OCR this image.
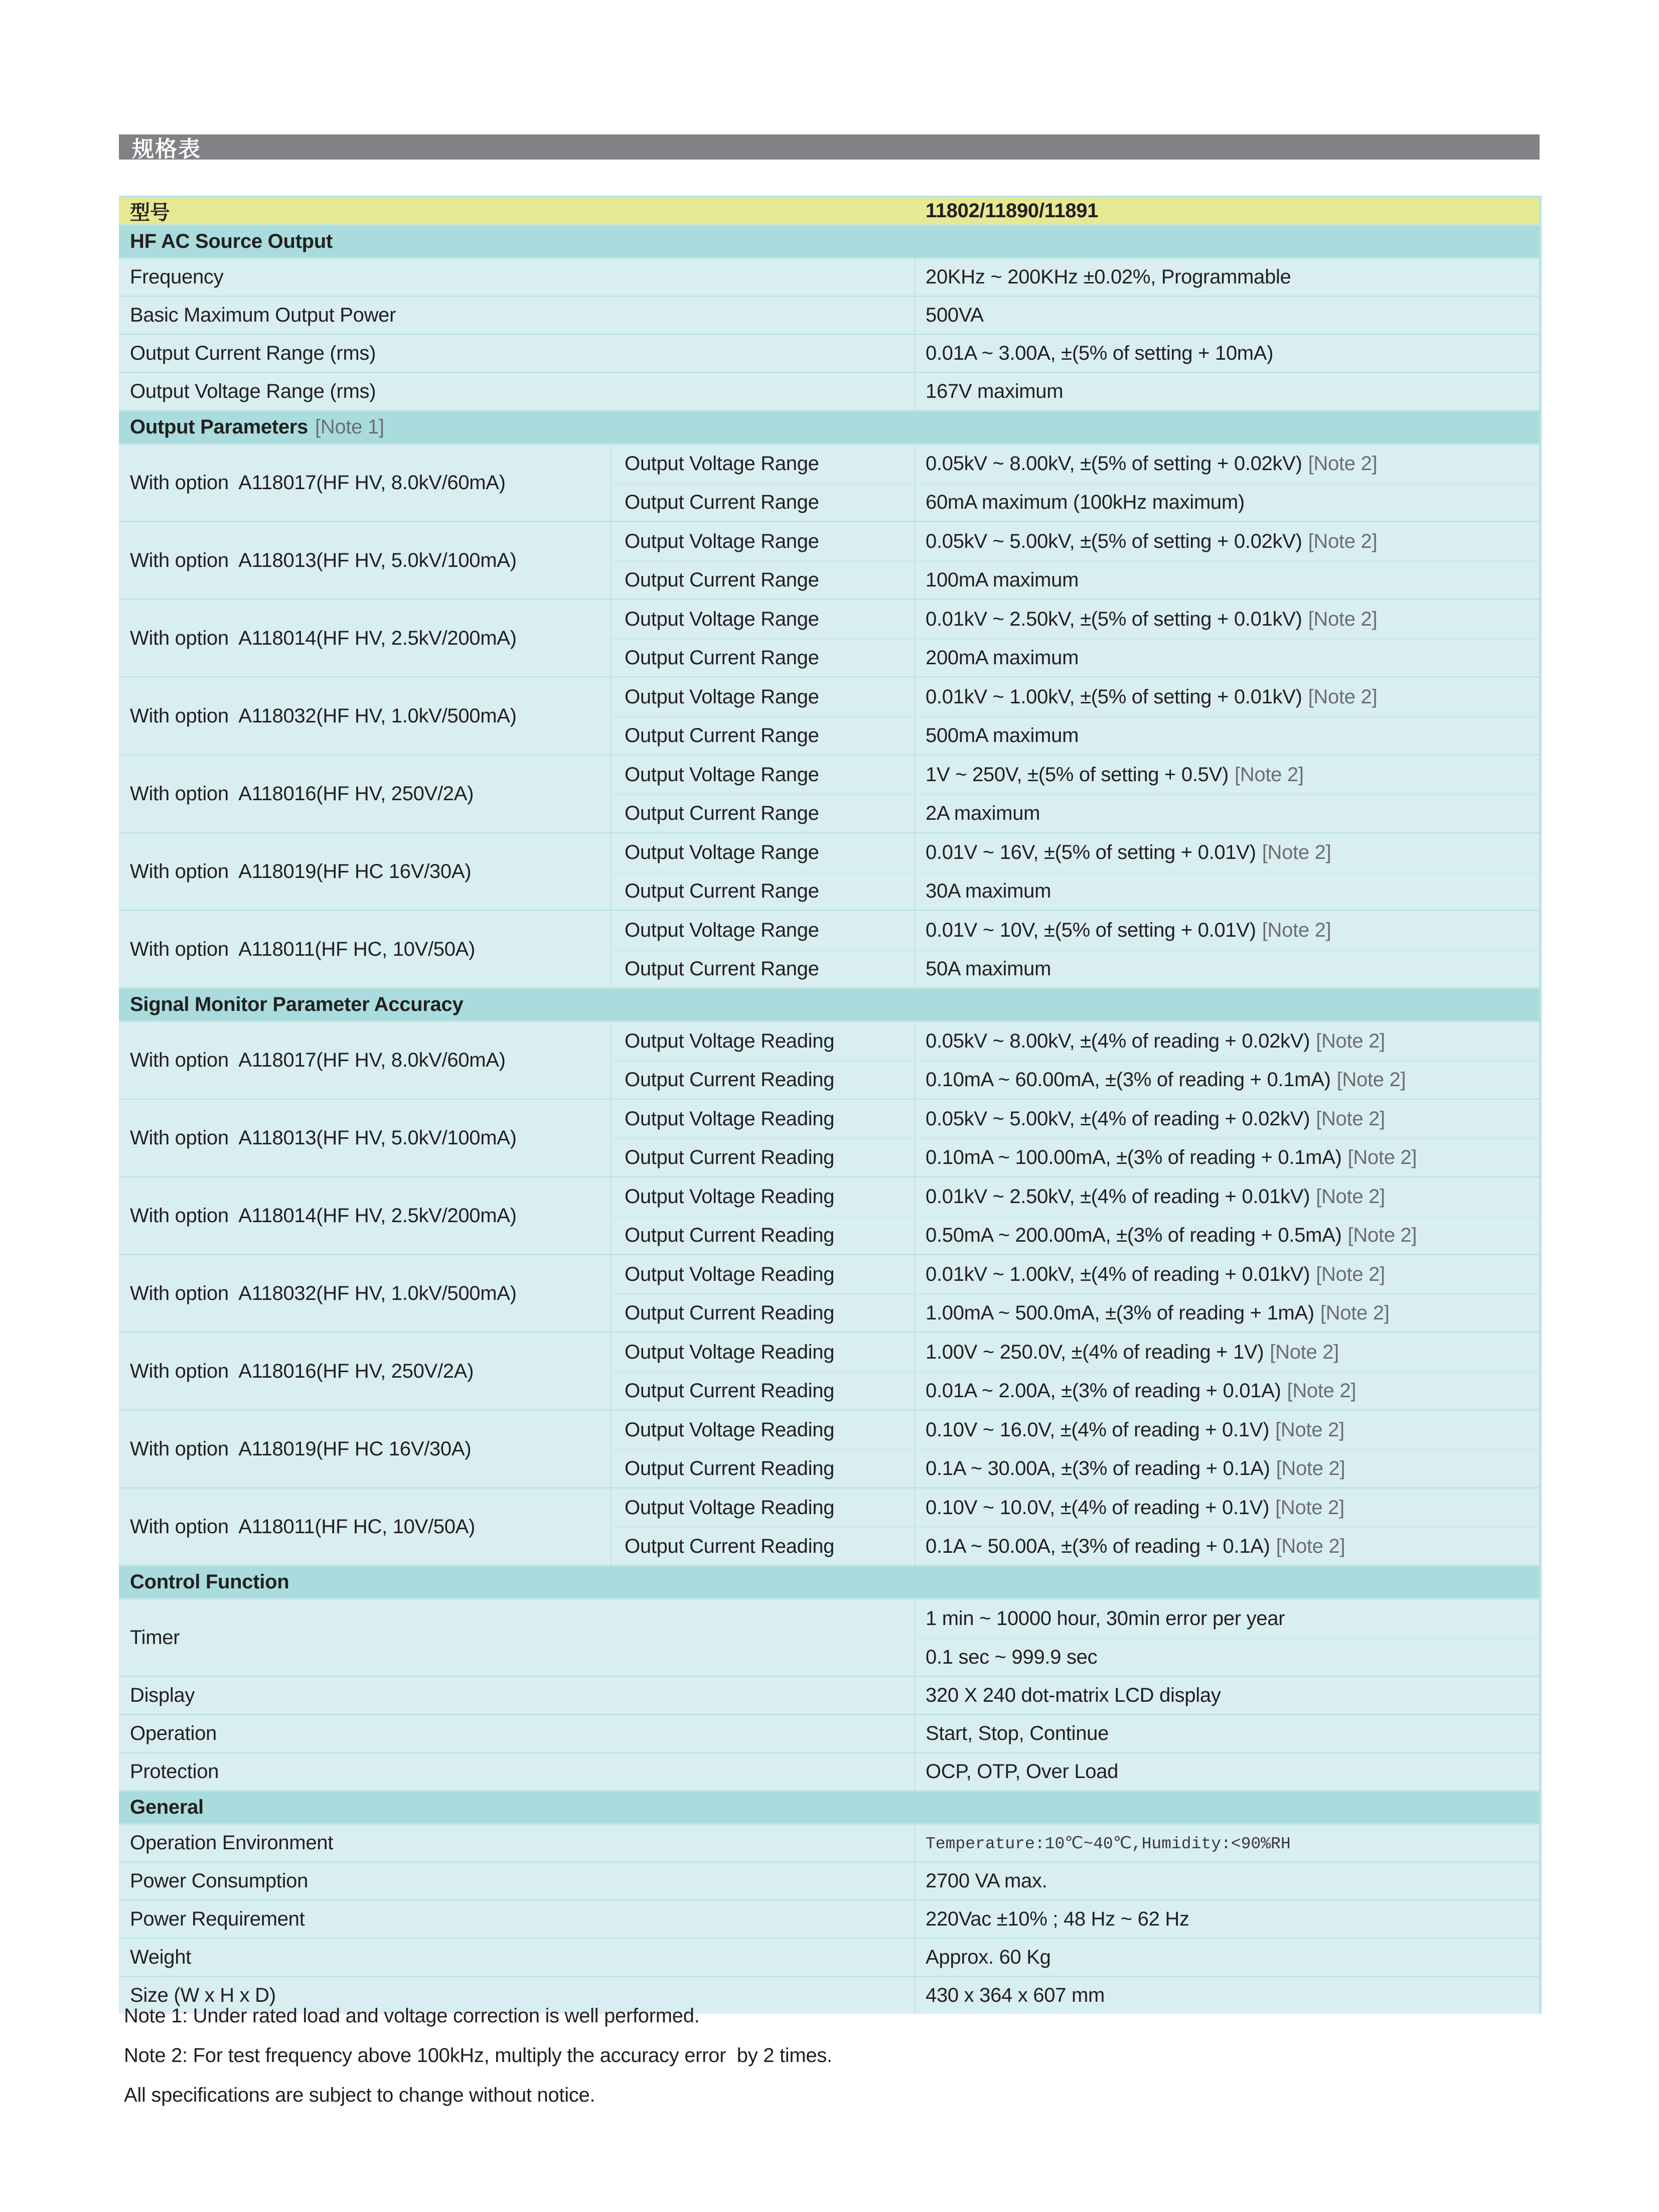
规格表
型号	11802/11890/11891
HF AC Source Output
Frequency	20KHz ~ 200KHz ±0.02%, Programmable
Basic Maximum Output Power	500VA
Output Current Range (rms)	0.01A ~ 3.00A, ±(5% of setting + 10mA)
Output Voltage Range (rms)	167V maximum
Output Parameters [Note 1]
With option  A118017(HF HV, 8.0kV/60mA)
Output Voltage Range	0.05kV ~ 8.00kV, ±(5% of setting + 0.02kV) [Note 2]
Output Current Range	60mA maximum (100kHz maximum)
With option  A118013(HF HV, 5.0kV/100mA)
Output Voltage Range	0.05kV ~ 5.00kV, ±(5% of setting + 0.02kV) [Note 2]
Output Current Range	100mA maximum
With option  A118014(HF HV, 2.5kV/200mA)
Output Voltage Range	0.01kV ~ 2.50kV, ±(5% of setting + 0.01kV) [Note 2]
Output Current Range	200mA maximum
With option  A118032(HF HV, 1.0kV/500mA)
Output Voltage Range	0.01kV ~ 1.00kV, ±(5% of setting + 0.01kV) [Note 2]
Output Current Range	500mA maximum
With option  A118016(HF HV, 250V/2A)
Output Voltage Range	1V ~ 250V, ±(5% of setting + 0.5V) [Note 2]
Output Current Range	2A maximum
With option  A118019(HF HC 16V/30A)
Output Voltage Range	0.01V ~ 16V, ±(5% of setting + 0.01V) [Note 2]
Output Current Range	30A maximum
With option  A118011(HF HC, 10V/50A)
Output Voltage Range	0.01V ~ 10V, ±(5% of setting + 0.01V) [Note 2]
Output Current Range	50A maximum
Signal Monitor Parameter Accuracy
With option  A118017(HF HV, 8.0kV/60mA)
Output Voltage Reading	0.05kV ~ 8.00kV, ±(4% of reading + 0.02kV) [Note 2]
Output Current Reading	0.10mA ~ 60.00mA, ±(3% of reading + 0.1mA) [Note 2]
With option  A118013(HF HV, 5.0kV/100mA)
Output Voltage Reading	0.05kV ~ 5.00kV, ±(4% of reading + 0.02kV) [Note 2]
Output Current Reading	0.10mA ~ 100.00mA, ±(3% of reading + 0.1mA) [Note 2]
With option  A118014(HF HV, 2.5kV/200mA)
Output Voltage Reading	0.01kV ~ 2.50kV, ±(4% of reading + 0.01kV) [Note 2]
Output Current Reading	0.50mA ~ 200.00mA, ±(3% of reading + 0.5mA) [Note 2]
With option  A118032(HF HV, 1.0kV/500mA)
Output Voltage Reading	0.01kV ~ 1.00kV, ±(4% of reading + 0.01kV) [Note 2]
Output Current Reading	1.00mA ~ 500.0mA, ±(3% of reading + 1mA) [Note 2]
With option  A118016(HF HV, 250V/2A)
Output Voltage Reading	1.00V ~ 250.0V, ±(4% of reading + 1V) [Note 2]
Output Current Reading	0.01A ~ 2.00A, ±(3% of reading + 0.01A) [Note 2]
With option  A118019(HF HC 16V/30A)
Output Voltage Reading	0.10V ~ 16.0V, ±(4% of reading + 0.1V) [Note 2]
Output Current Reading	0.1A ~ 30.00A, ±(3% of reading + 0.1A) [Note 2]
With option  A118011(HF HC, 10V/50A)
Output Voltage Reading	0.10V ~ 10.0V, ±(4% of reading + 0.1V) [Note 2]
Output Current Reading	0.1A ~ 50.00A, ±(3% of reading + 0.1A) [Note 2]
Control Function
Timer
1 min ~ 10000 hour, 30min error per year
0.1 sec ~ 999.9 sec
Display	320 X 240 dot-matrix LCD display
Operation	Start, Stop, Continue
Protection	OCP, OTP, Over Load
General
Operation Environment	Temperature:10℃~40℃,Humidity:<90%RH
Power Consumption	2700 VA max.
Power Requirement	220Vac ±10% ; 48 Hz ~ 62 Hz
Weight	Approx. 60 Kg
Size (W x H x D)	430 x 364 x 607 mm

Note 1: Under rated load and voltage correction is well performed.

Note 2: For test frequency above 100kHz, multiply the accuracy error  by 2 times.

All specifications are subject to change without notice.
